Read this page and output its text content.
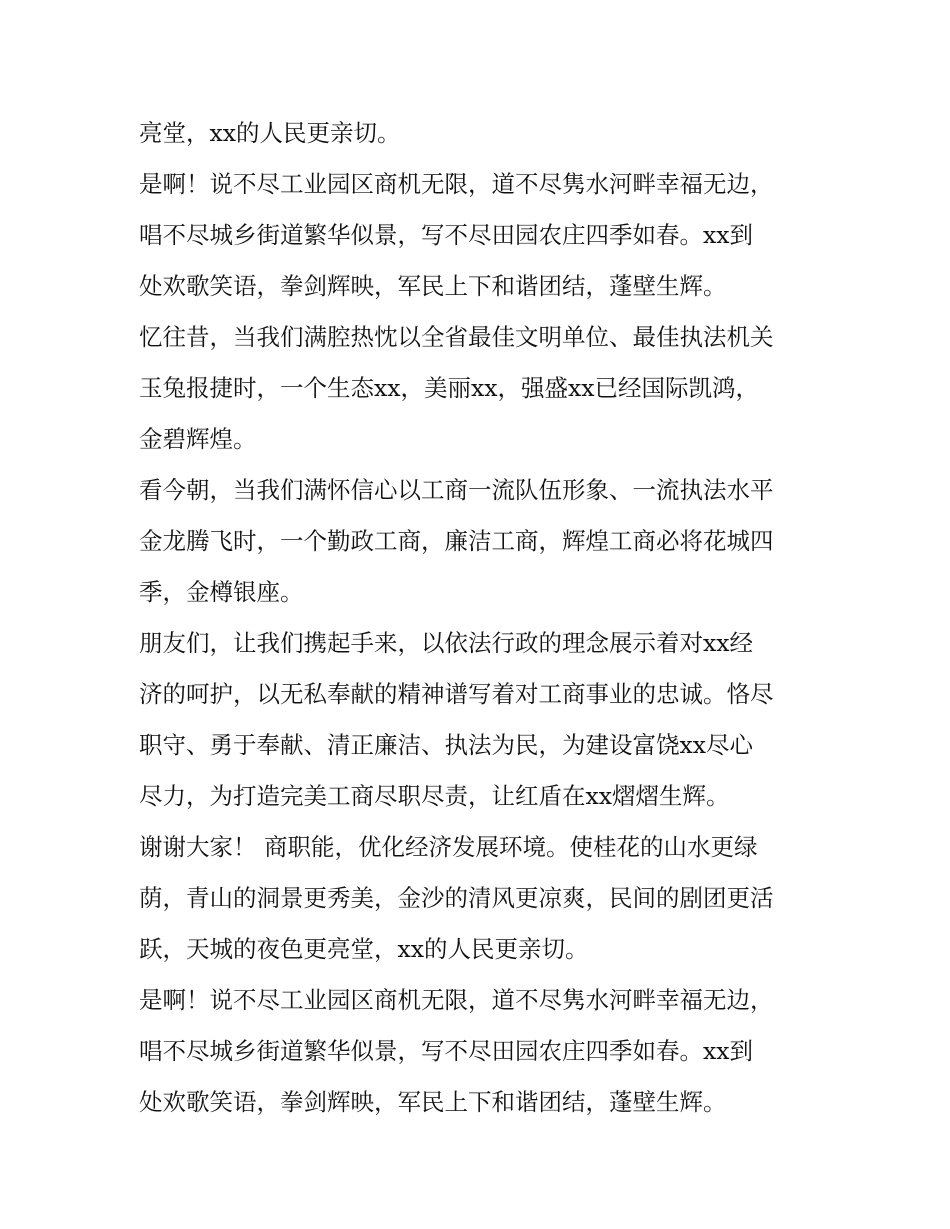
亮堂，xx的人民更亲切。

是啊！说不尽工业园区商机无限，道不尽隽水河畔幸福无边，

唱不尽城乡街道繁华似景，写不尽田园农庄四季如春。xx到

处欢歌笑语，拳剑辉映，军民上下和谐团结，蓬壁生辉。

忆往昔，当我们满腔热忱以全省最佳文明单位、最佳执法机关

玉兔报捷时，一个生态xx，美丽xx，强盛xx已经国际凯鸿，

金碧辉煌。

看今朝，当我们满怀信心以工商一流队伍形象、一流执法水平

金龙腾飞时，一个勤政工商，廉洁工商，辉煌工商必将花城四

季，金樽银座。

朋友们，让我们携起手来，以依法行政的理念展示着对xx经

济的呵护，以无私奉献的精神谱写着对工商事业的忠诚。恪尽

职守、勇于奉献、清正廉洁、执法为民，为建设富饶xx尽心

尽力，为打造完美工商尽职尽责，让红盾在xx熠熠生辉。

谢谢大家！ 商职能，优化经济发展环境。使桂花的山水更绿

荫，青山的洞景更秀美，金沙的清风更凉爽，民间的剧团更活

跃，天城的夜色更亮堂，xx的人民更亲切。

是啊！说不尽工业园区商机无限，道不尽隽水河畔幸福无边，

唱不尽城乡街道繁华似景，写不尽田园农庄四季如春。xx到

处欢歌笑语，拳剑辉映，军民上下和谐团结，蓬壁生辉。
